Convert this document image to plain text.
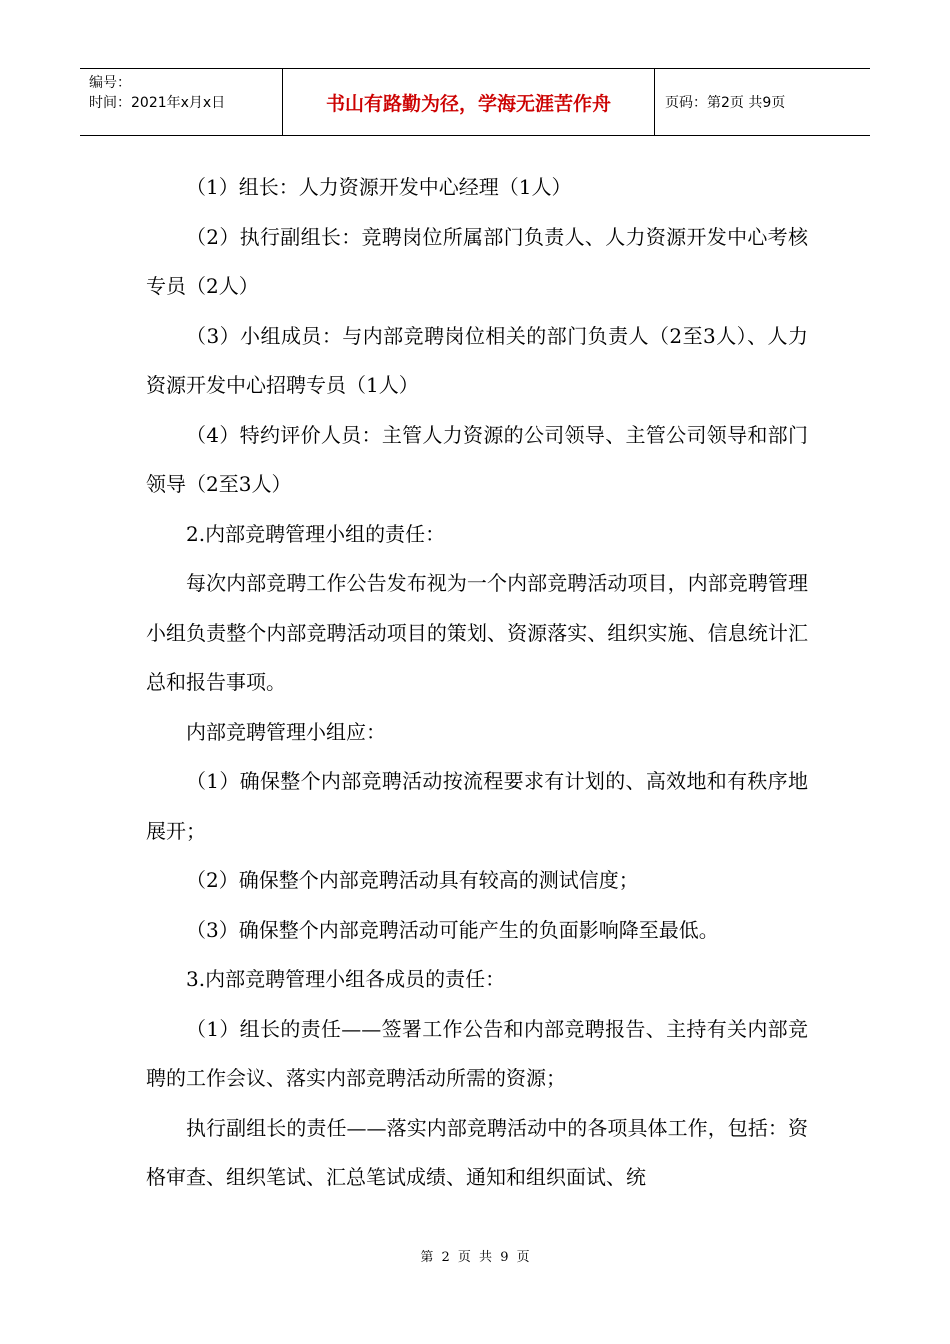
编号：
时间：2021年x月x日	书山有路勤为径，学海无涯苦作舟	页码：第2页 共9页

（1）组长：人力资源开发中心经理（1人）

（2）执行副组长：竞聘岗位所属部门负责人、人力资源开发中心考核专员（2人）

（3）小组成员：与内部竞聘岗位相关的部门负责人（2至3人）、人力资源开发中心招聘专员（1人）

（4）特约评价人员：主管人力资源的公司领导、主管公司领导和部门领导（2至3人）

2.内部竞聘管理小组的责任：

每次内部竞聘工作公告发布视为一个内部竞聘活动项目，内部竞聘管理小组负责整个内部竞聘活动项目的策划、资源落实、组织实施、信息统计汇总和报告事项。

内部竞聘管理小组应：

（1）确保整个内部竞聘活动按流程要求有计划的、高效地和有秩序地展开；

（2）确保整个内部竞聘活动具有较高的测试信度；

（3）确保整个内部竞聘活动可能产生的负面影响降至最低。

3.内部竞聘管理小组各成员的责任：

（1）组长的责任——签署工作公告和内部竞聘报告、主持有关内部竞聘的工作会议、落实内部竞聘活动所需的资源；

执行副组长的责任——落实内部竞聘活动中的各项具体工作，包括：资格审查、组织笔试、汇总笔试成绩、通知和组织面试、统

第 2 页 共 9 页
